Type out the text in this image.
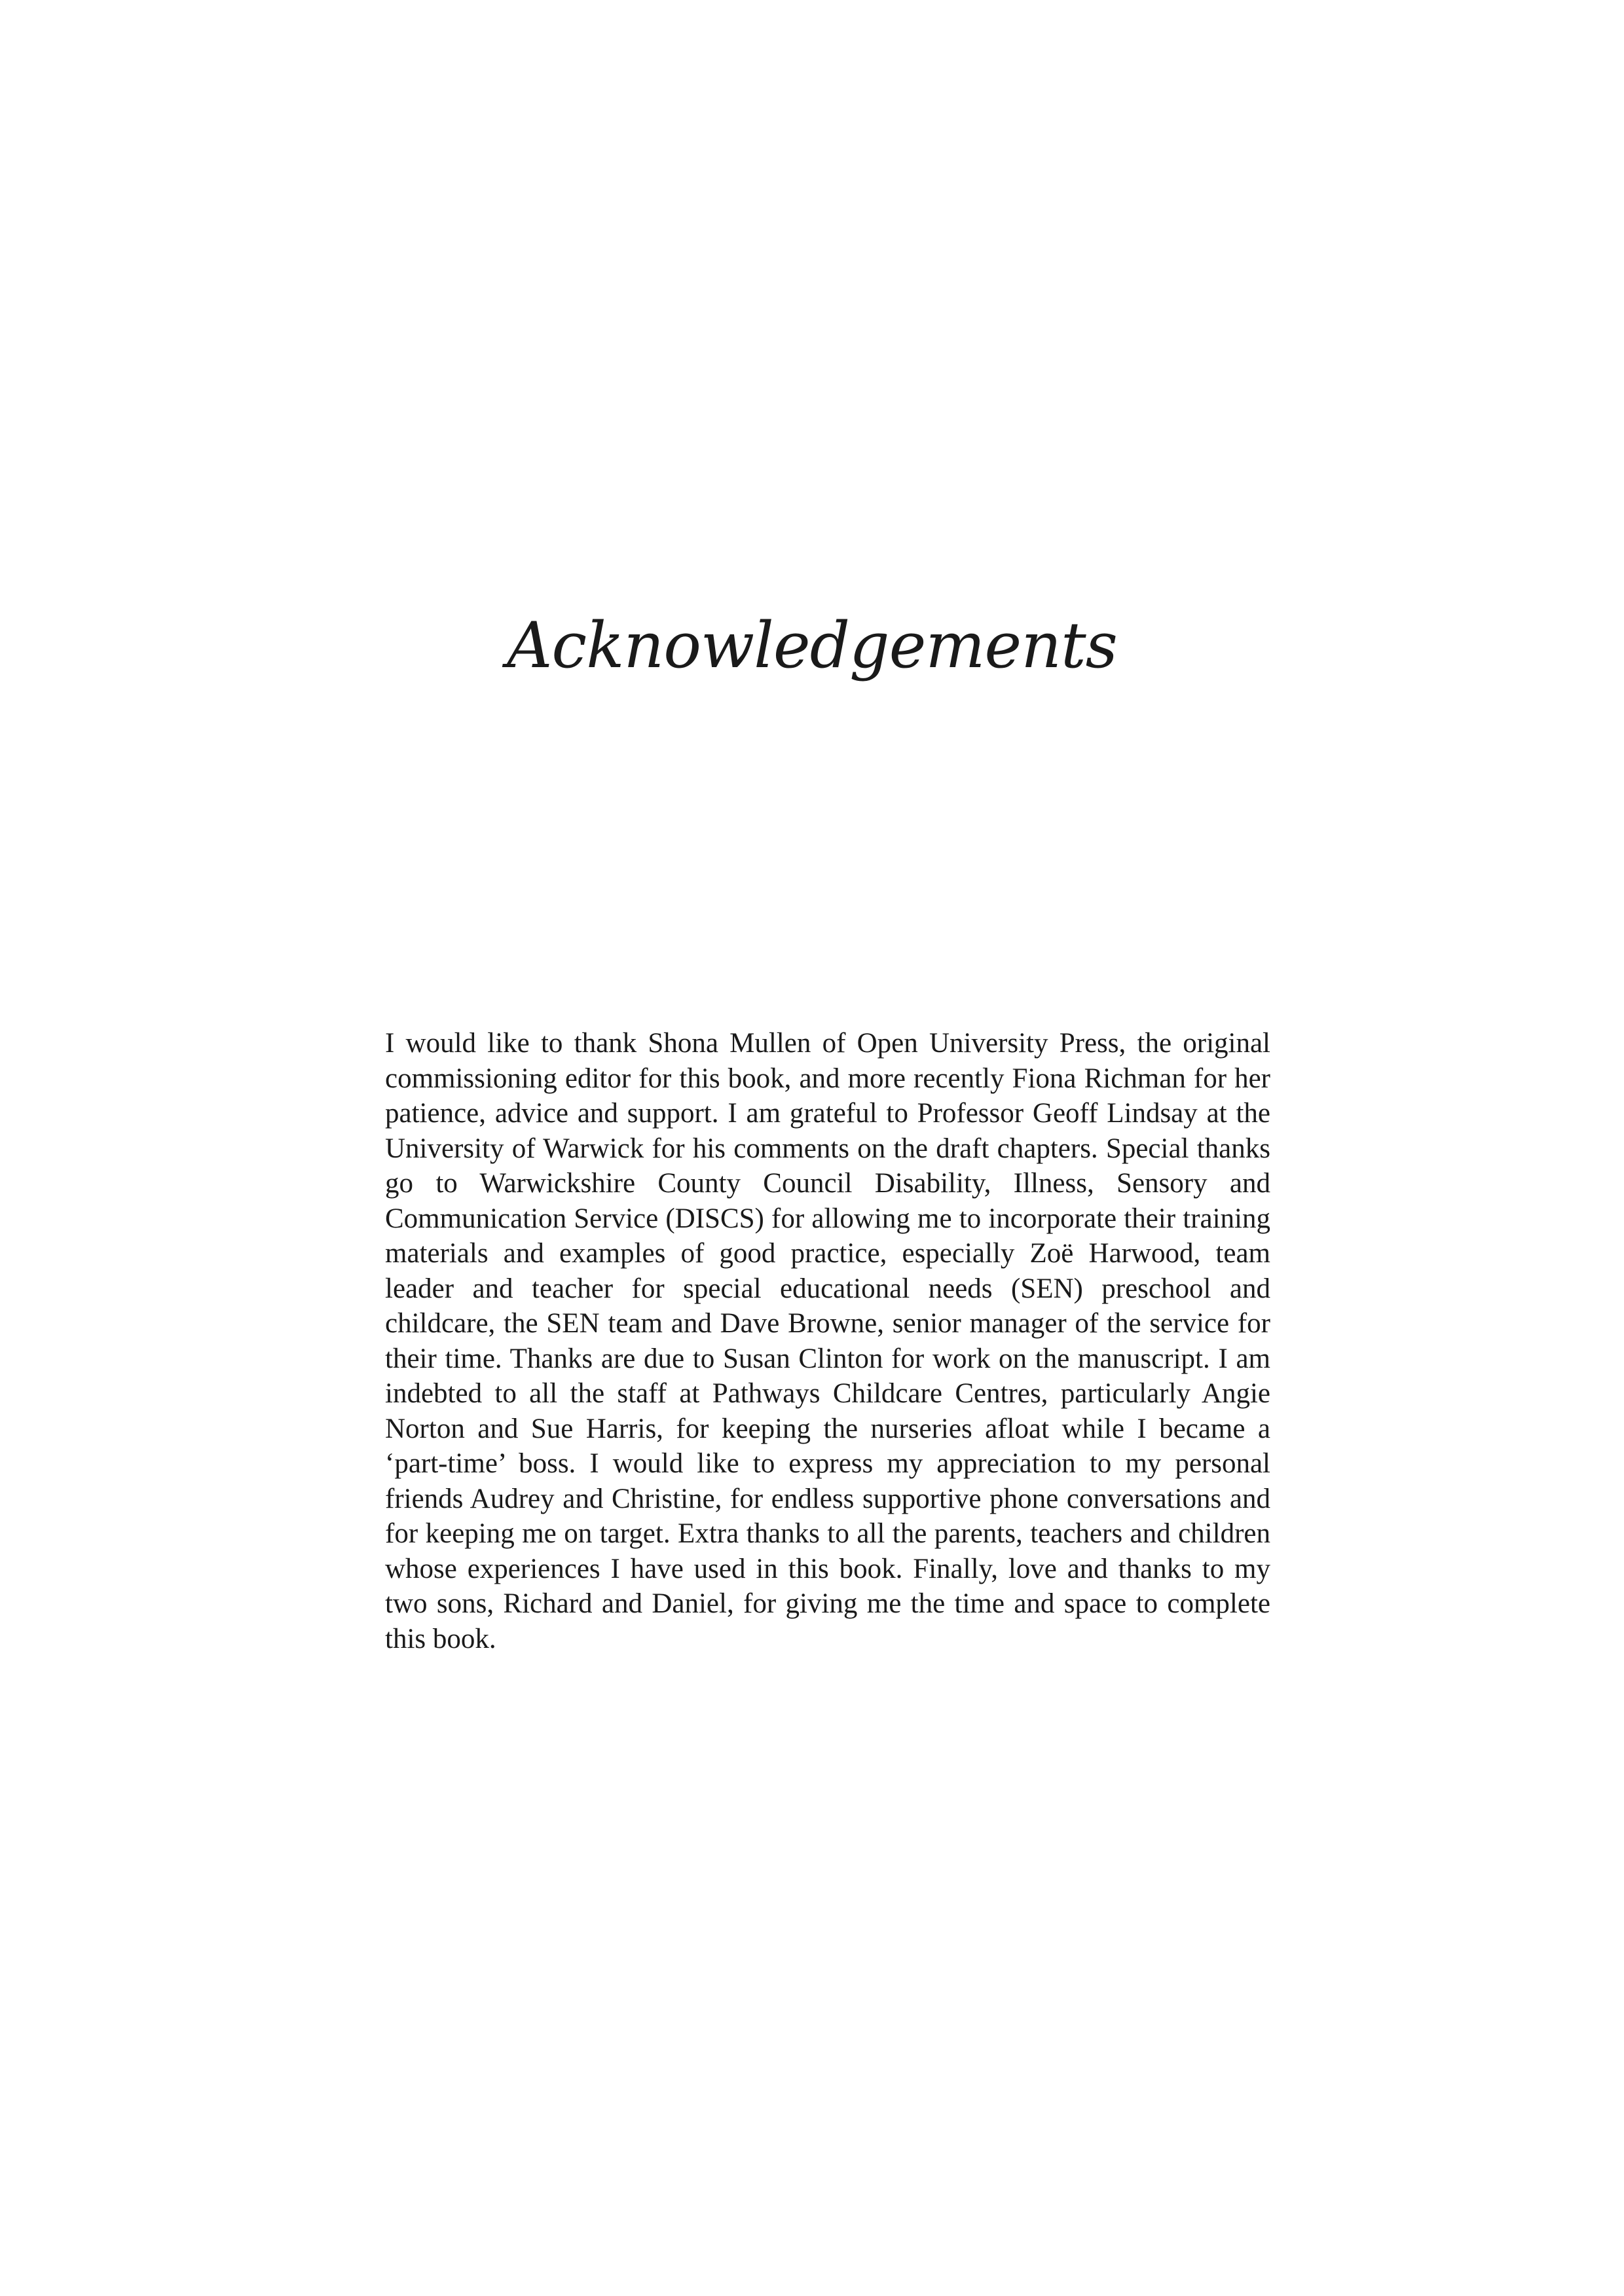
Acknowledgements

I would like to thank Shona Mullen of Open University Press, the original commissioning editor for this book, and more recently Fiona Richman for her patience, advice and support. I am grateful to Professor Geoff Lindsay at the University of Warwick for his comments on the draft chapters. Special thanks go to Warwickshire County Council Disability, Illness, Sensory and Communication Service (DISCS) for allowing me to incorporate their training materials and examples of good practice, especially Zoë Harwood, team leader and teacher for special educational needs (SEN) preschool and childcare, the SEN team and Dave Browne, senior manager of the service for their time. Thanks are due to Susan Clinton for work on the manuscript. I am indebted to all the staff at Pathways Childcare Centres, particularly Angie Norton and Sue Harris, for keeping the nurseries afloat while I became a ‘part-time’ boss. I would like to express my appreciation to my personal friends Audrey and Christine, for endless supportive phone conversations and for keeping me on target. Extra thanks to all the parents, teachers and children whose experiences I have used in this book. Finally, love and thanks to my two sons, Richard and Daniel, for giving me the time and space to complete this book.
